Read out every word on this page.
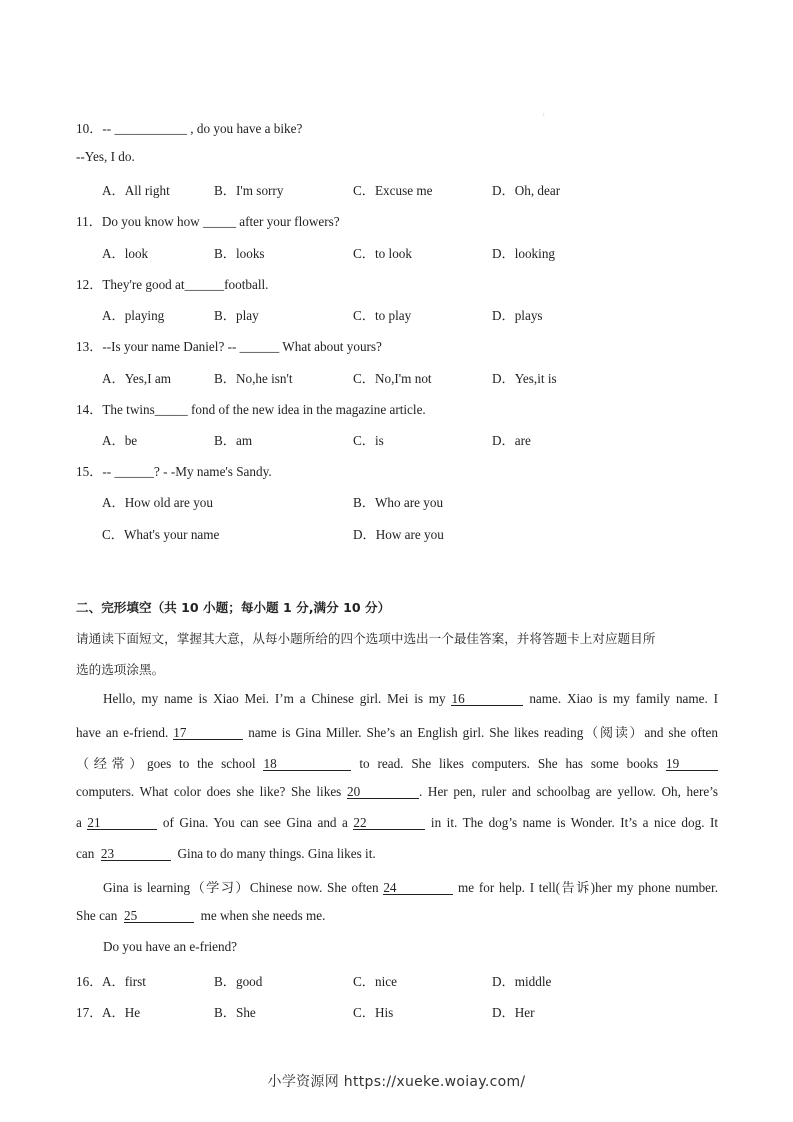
:
10．-- ___________ , do you have a bike?
--Yes, I do.
A．All right	B．I'm sorry	C．Excuse me	D．Oh, dear
11．Do you know how _____ after your flowers?
A．look	B．looks	C．to look	D．looking
12．They're good at______football.
A．playing	B．play	C．to play	D．plays
13．--Is your name Daniel? -- ______ What about yours?
A．Yes,I am	B．No,he isn't	C．No,I'm not	D．Yes,it is
14．The twins_____ fond of the new idea in the magazine article.
A．be	B．am	C．is	D．are
15．-- ______? - -My name's Sandy.
A．How old are you	B．Who are you
C．What's your name	D．How are you
二、完形填空（共 10 小题；每小题 1 分,满分 10 分）
请通读下面短文，掌握其大意，从每小题所给的四个选项中选出一个最佳答案，并将答题卡上对应题目所
选的选项涂黑。
Hello, my name is Xiao Mei. I’m a Chinese girl. Mei is my 16	name. Xiao is my family name. I
have an e-friend. 17	name is Gina Miller. She’s an English girl. She likes reading（阅读）and she often
（经常）goes to the school 18	to read. She likes computers. She has some books 19
computers. What color does she like? She likes 20	. Her pen, ruler and schoolbag are yellow. Oh, here’s
a 21	of Gina. You can see Gina and a 22	in it. The dog’s name is Wonder. It’s a nice dog. It
can 23	Gina to do many things. Gina likes it.
Gina is learning（学习）Chinese now. She often 24	me for help. I tell(告诉)her my phone number.
She can 25	me when she needs me.
Do you have an e-friend?
16． A．first	B．good	C．nice	D．middle
17． A．He	B．She	C．His	D．Her
小学资源网 https://xueke.woiay.com/
